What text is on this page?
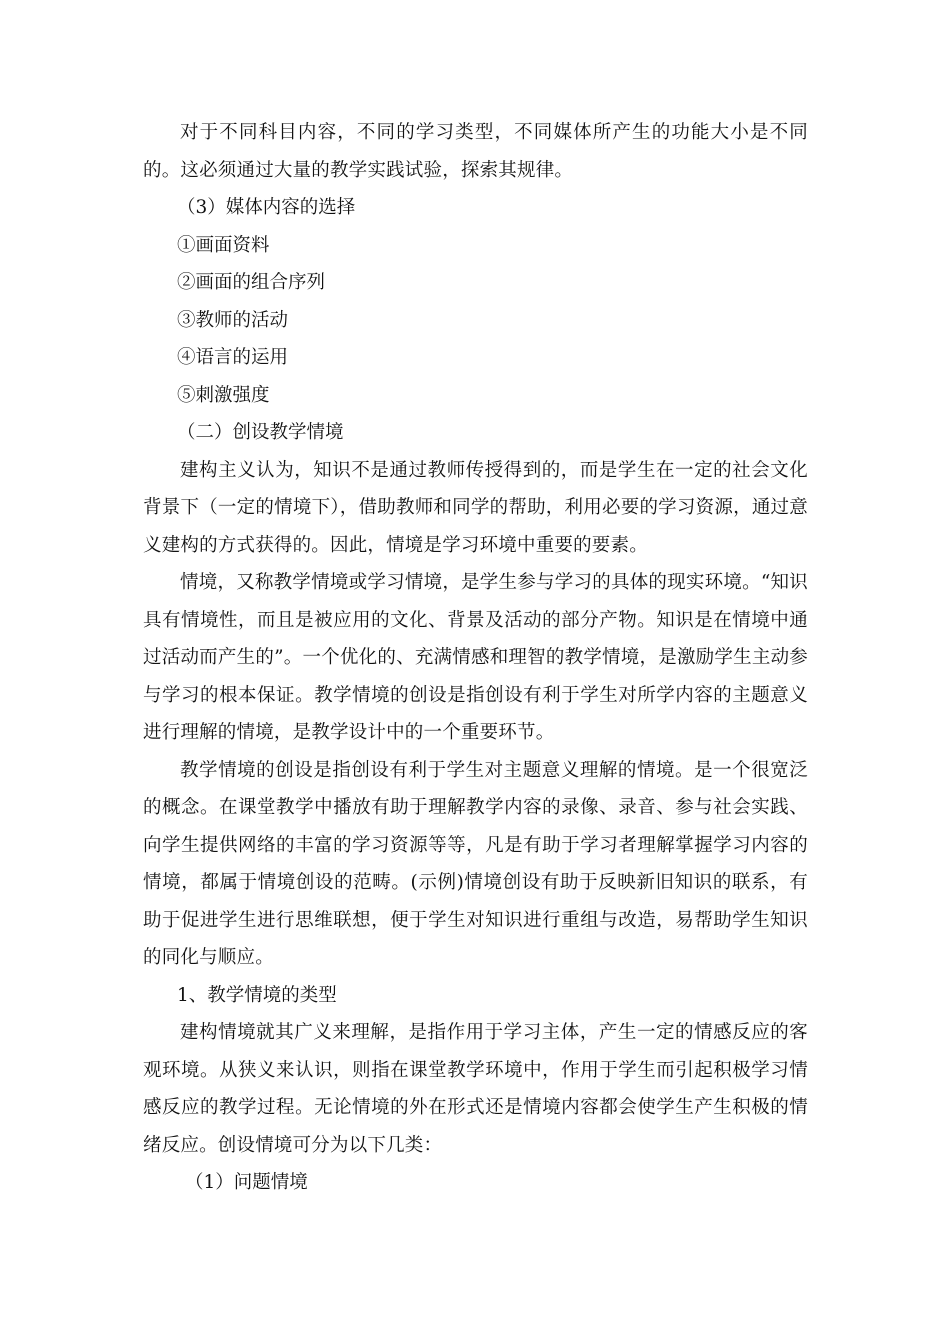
对于不同科目内容，不同的学习类型，不同媒体所产生的功能大小是不同的。这必须通过大量的教学实践试验，探索其规律。

（3）媒体内容的选择

①画面资料

②画面的组合序列

③教师的活动

④语言的运用

⑤刺激强度

（二）创设教学情境

建构主义认为，知识不是通过教师传授得到的，而是学生在一定的社会文化背景下（一定的情境下），借助教师和同学的帮助，利用必要的学习资源，通过意义建构的方式获得的。因此，情境是学习环境中重要的要素。

情境，又称教学情境或学习情境，是学生参与学习的具体的现实环境。“知识具有情境性，而且是被应用的文化、背景及活动的部分产物。知识是在情境中通过活动而产生的”。一个优化的、充满情感和理智的教学情境，是激励学生主动参与学习的根本保证。教学情境的创设是指创设有利于学生对所学内容的主题意义进行理解的情境，是教学设计中的一个重要环节。

教学情境的创设是指创设有利于学生对主题意义理解的情境。是一个很宽泛的概念。在课堂教学中播放有助于理解教学内容的录像、录音、参与社会实践、向学生提供网络的丰富的学习资源等等，凡是有助于学习者理解掌握学习内容的情境，都属于情境创设的范畴。(示例)情境创设有助于反映新旧知识的联系，有助于促进学生进行思维联想，便于学生对知识进行重组与改造，易帮助学生知识的同化与顺应。

1、教学情境的类型

建构情境就其广义来理解，是指作用于学习主体，产生一定的情感反应的客观环境。从狭义来认识，则指在课堂教学环境中，作用于学生而引起积极学习情感反应的教学过程。无论情境的外在形式还是情境内容都会使学生产生积极的情绪反应。创设情境可分为以下几类：

（1）问题情境
